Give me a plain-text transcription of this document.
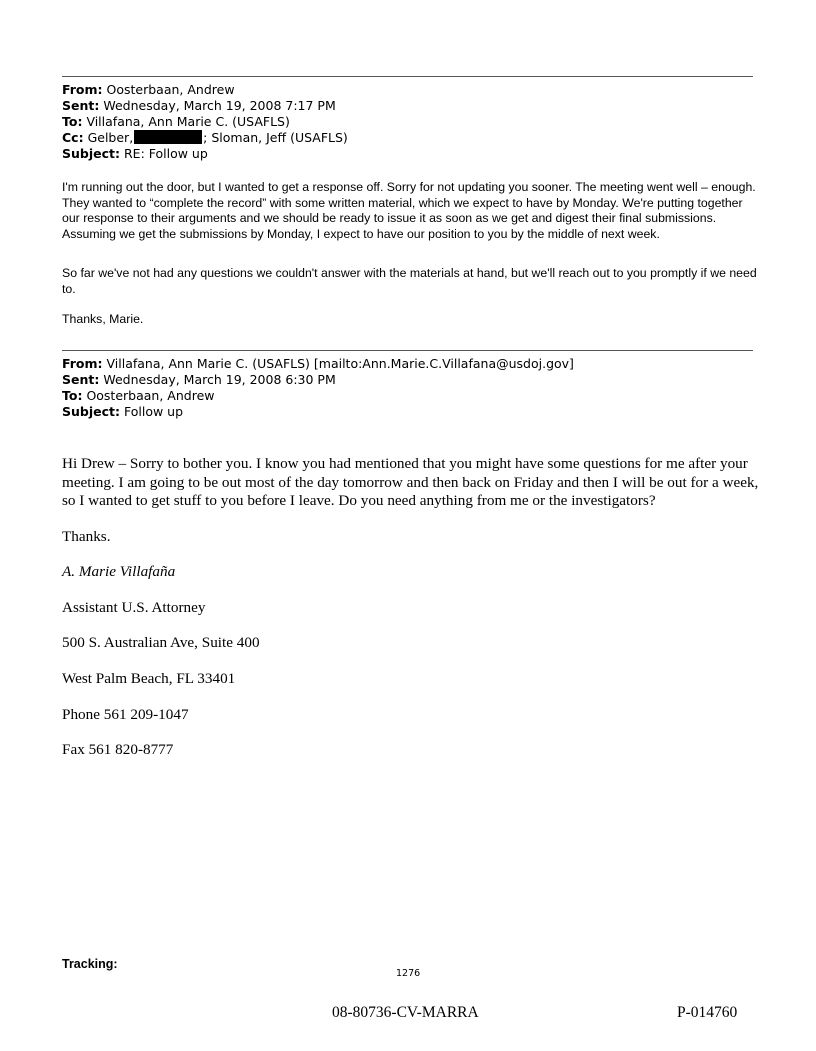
From: Oosterbaan, Andrew
Sent: Wednesday, March 19, 2008 7:17 PM
To: Villafana, Ann Marie C. (USAFLS)
Cc: Gelber,	; Sloman, Jeff (USAFLS)
Subject: RE: Follow up

I'm running out the door, but I wanted to get a response off. Sorry for not updating you sooner. The meeting went well – enough. They wanted to “complete the record” with some written material, which we expect to have by Monday. We're putting together our response to their arguments and we should be ready to issue it as soon as we get and digest their final submissions. Assuming we get the submissions by Monday, I expect to have our position to you by the middle of next week.

So far we've not had any questions we couldn't answer with the materials at hand, but we'll reach out to you promptly if we need to.

Thanks, Marie.

From: Villafana, Ann Marie C. (USAFLS) [mailto:Ann.Marie.C.Villafana@usdoj.gov]
Sent: Wednesday, March 19, 2008 6:30 PM
To: Oosterbaan, Andrew
Subject: Follow up
Hi Drew – Sorry to bother you. I know you had mentioned that you might have some questions for me after your meeting. I am going to be out most of the day tomorrow and then back on Friday and then I will be out for a week, so I wanted to get stuff to you before I leave. Do you need anything from me or the investigators?
Thanks.
A. Marie Villafaña
Assistant U.S. Attorney
500 S. Australian Ave, Suite 400
West Palm Beach, FL 33401
Phone 561 209-1047
Fax 561 820-8777
Tracking:
1276
08-80736-CV-MARRA	P-014760
